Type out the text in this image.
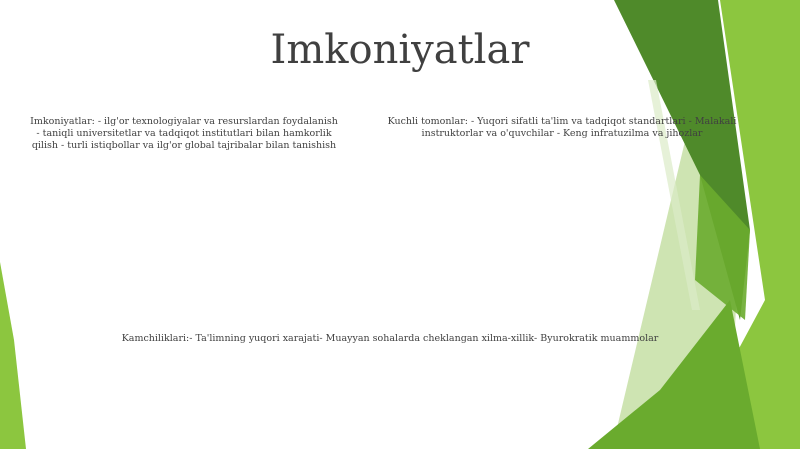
Imkoniyatlar
Imkoniyatlar: - ilg'or texnologiyalar va resurslardan foydalanish - taniqli universitetlar va tadqiqot institutlari bilan hamkorlik qilish - turli istiqbollar va ilg'or global tajribalar bilan tanishish
Kuchli tomonlar: - Yuqori sifatli ta'lim va tadqiqot standartlari - Malakali instruktorlar va o'quvchilar - Keng infratuzilma va jihozlar
Kamchiliklari:- Ta'limning yuqori xarajati- Muayyan sohalarda cheklangan xilma-xillik- Byurokratik muammolar
